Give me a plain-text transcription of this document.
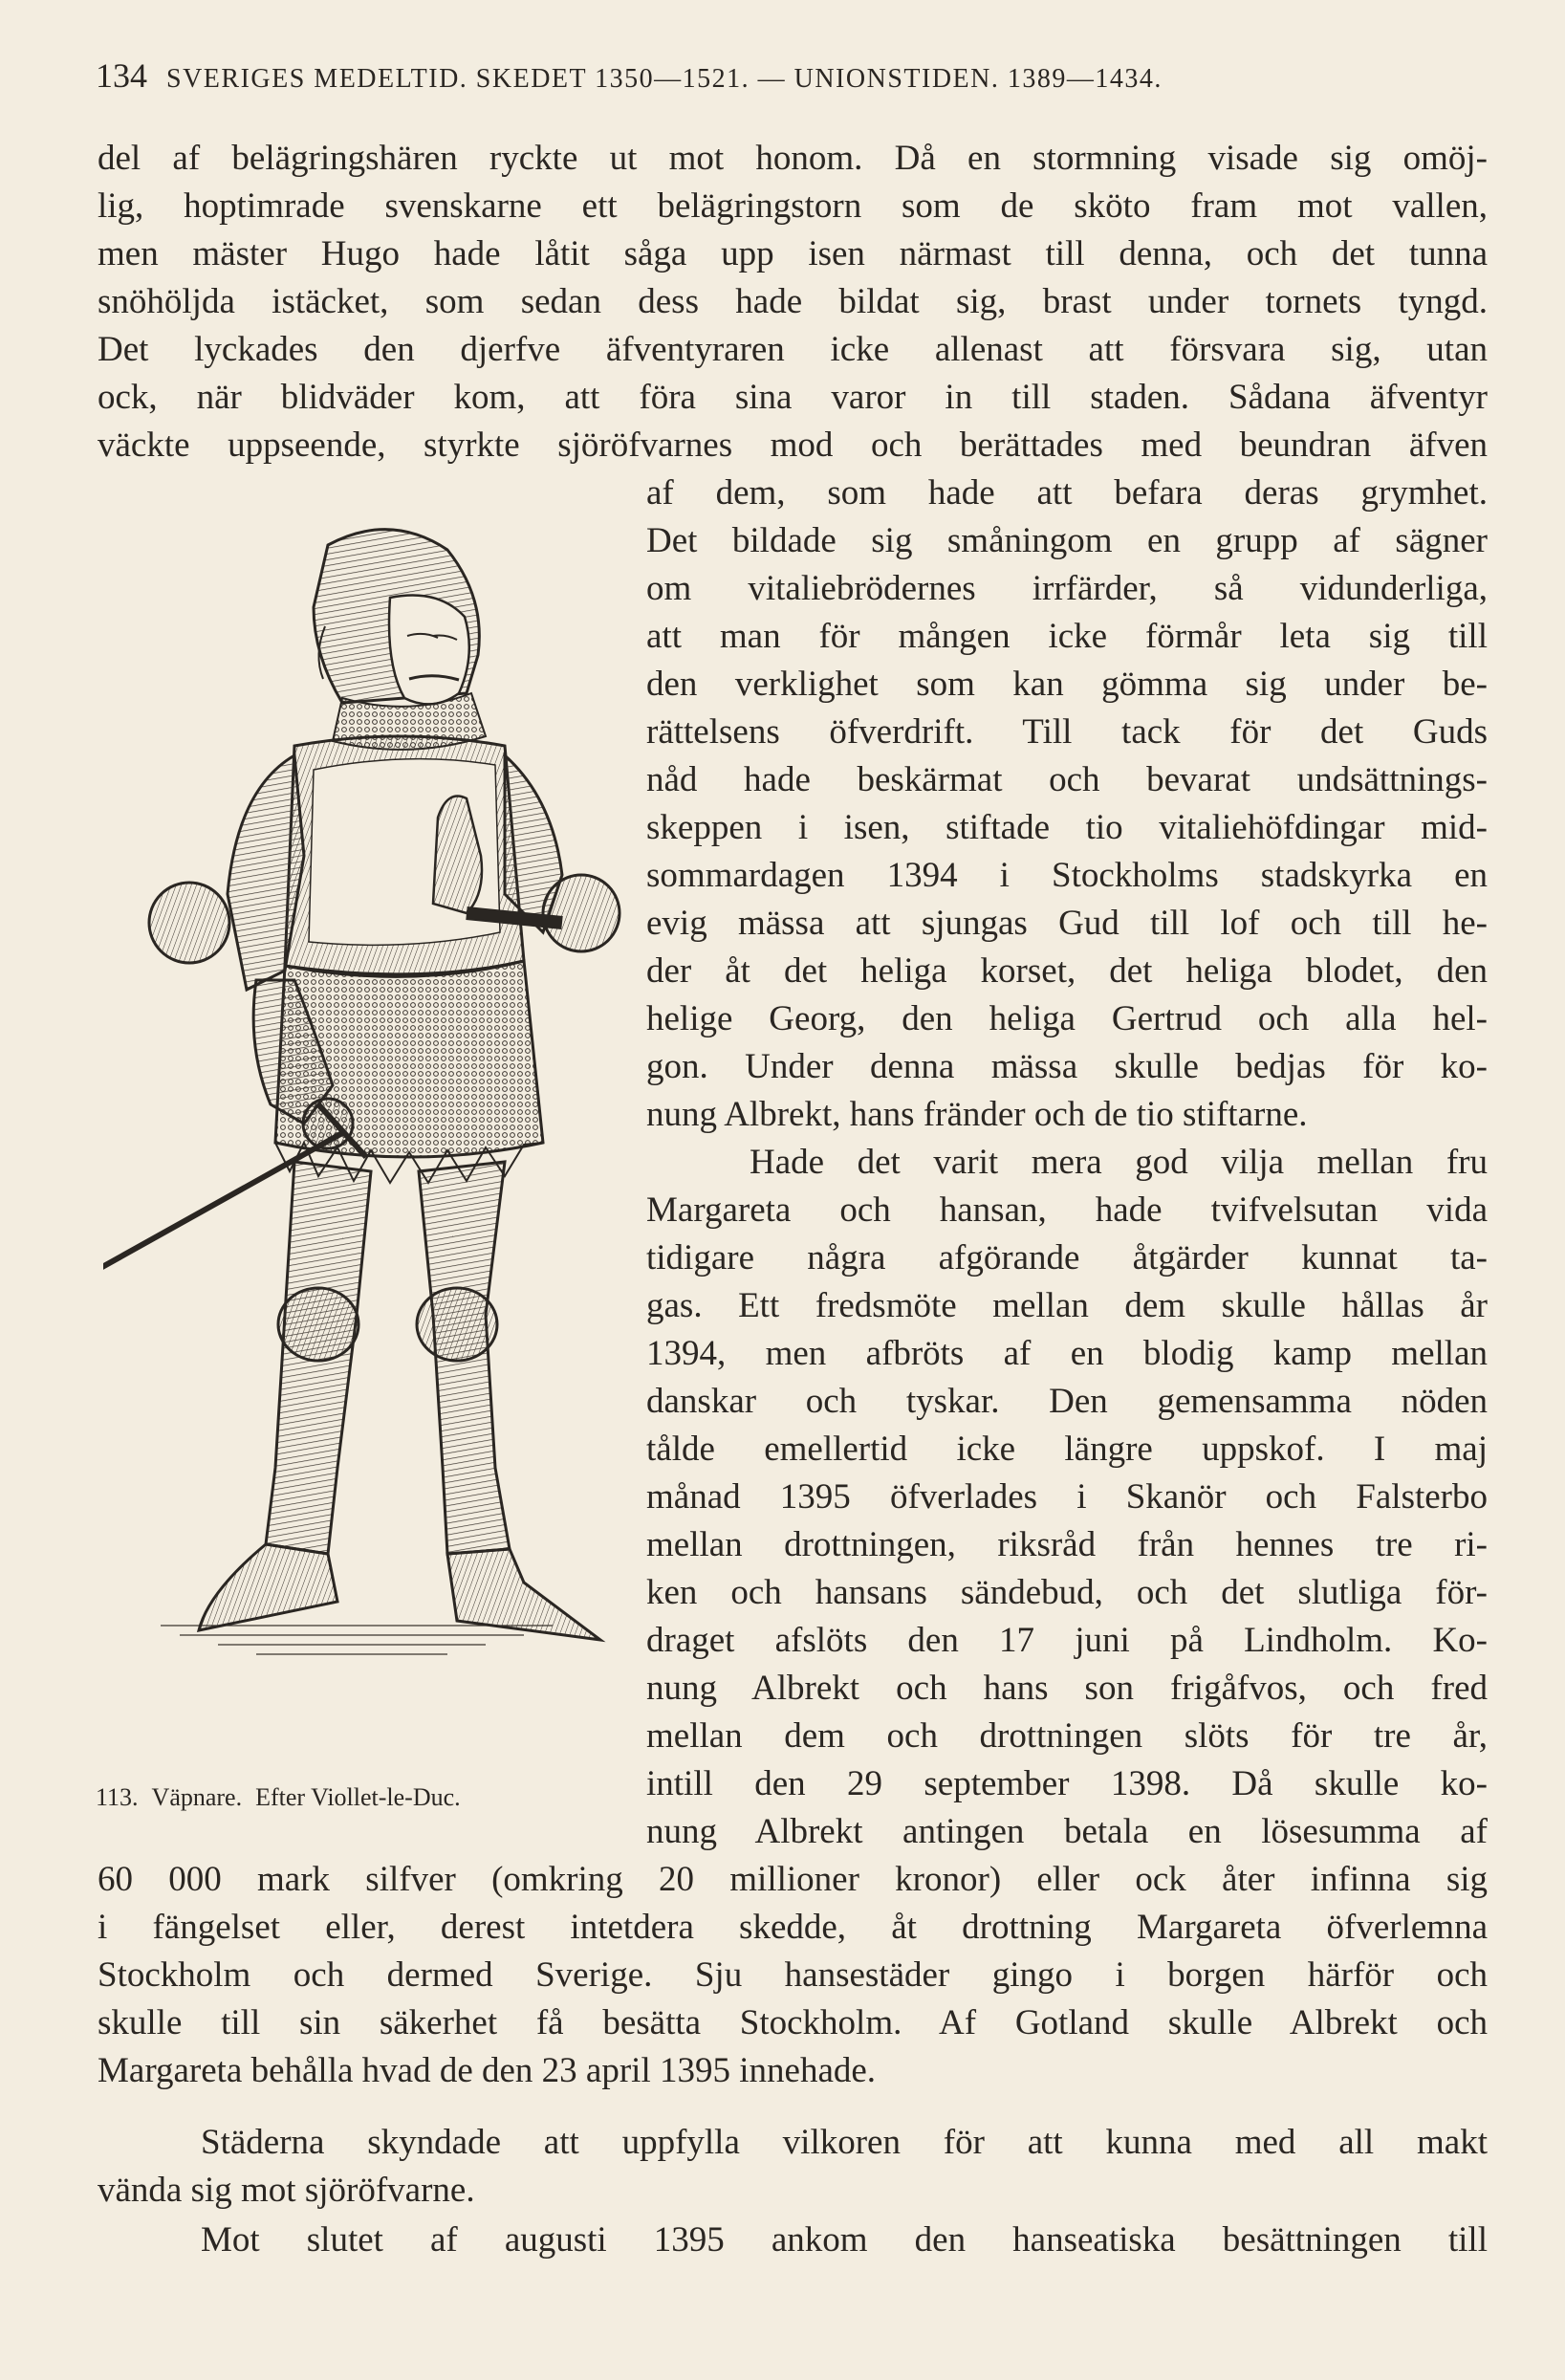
134 SVERIGES MEDELTID. SKEDET 1350—1521. — UNIONSTIDEN. 1389—1434.
del af belägringshären ryckte ut mot honom. Då en stormning visade sig omöj-
lig, hoptimrade svenskarne ett belägringstorn som de sköto fram mot vallen,
men mäster Hugo hade låtit såga upp isen närmast till denna, och det tunna
snöhöljda istäcket, som sedan dess hade bildat sig, brast under tornets tyngd.
Det lyckades den djerfve äfventyraren icke allenast att försvara sig, utan
ock, när blidväder kom, att föra sina varor in till staden. Sådana äfventyr
väckte uppseende, styrkte sjöröfvarnes mod och berättades med beundran äfven
af dem, som hade att befara deras grymhet.
Det bildade sig småningom en grupp af sägner
om vitaliebrödernes irrfärder, så vidunderliga,
att man för mången icke förmår leta sig till
den verklighet som kan gömma sig under be-
rättelsens öfverdrift. Till tack för det Guds
nåd hade beskärmat och bevarat undsättnings-
skeppen i isen, stiftade tio vitaliehöfdingar mid-
sommardagen 1394 i Stockholms stadskyrka en
evig mässa att sjungas Gud till lof och till he-
der åt det heliga korset, det heliga blodet, den
helige Georg, den heliga Gertrud och alla hel-
gon. Under denna mässa skulle bedjas för ko-
nung Albrekt, hans fränder och de tio stiftarne.
Hade det varit mera god vilja mellan fru
Margareta och hansan, hade tvifvelsutan vida
tidigare några afgörande åtgärder kunnat ta-
gas. Ett fredsmöte mellan dem skulle hållas år
1394, men afbröts af en blodig kamp mellan
danskar och tyskar. Den gemensamma nöden
tålde emellertid icke längre uppskof. I maj
månad 1395 öfverlades i Skanör och Falsterbo
mellan drottningen, riksråd från hennes tre ri-
ken och hansans sändebud, och det slutliga för-
draget afslöts den 17 juni på Lindholm. Ko-
nung Albrekt och hans son frigåfvos, och fred
mellan dem och drottningen slöts för tre år,
intill den 29 september 1398. Då skulle ko-
nung Albrekt antingen betala en lösesumma af
60 000 mark silfver (omkring 20 millioner kronor) eller ock åter infinna sig
i fängelset eller, derest intetdera skedde, åt drottning Margareta öfverlemna
Stockholm och dermed Sverige. Sju hansestäder gingo i borgen härför och
skulle till sin säkerhet få besätta Stockholm. Af Gotland skulle Albrekt och
Margareta behålla hvad de den 23 april 1395 innehade.
Städerna skyndade att uppfylla vilkoren för att kunna med all makt
vända sig mot sjöröfvarne.
Mot slutet af augusti 1395 ankom den hanseatiska besättningen till
113. Väpnare. Efter Viollet-le-Duc.
